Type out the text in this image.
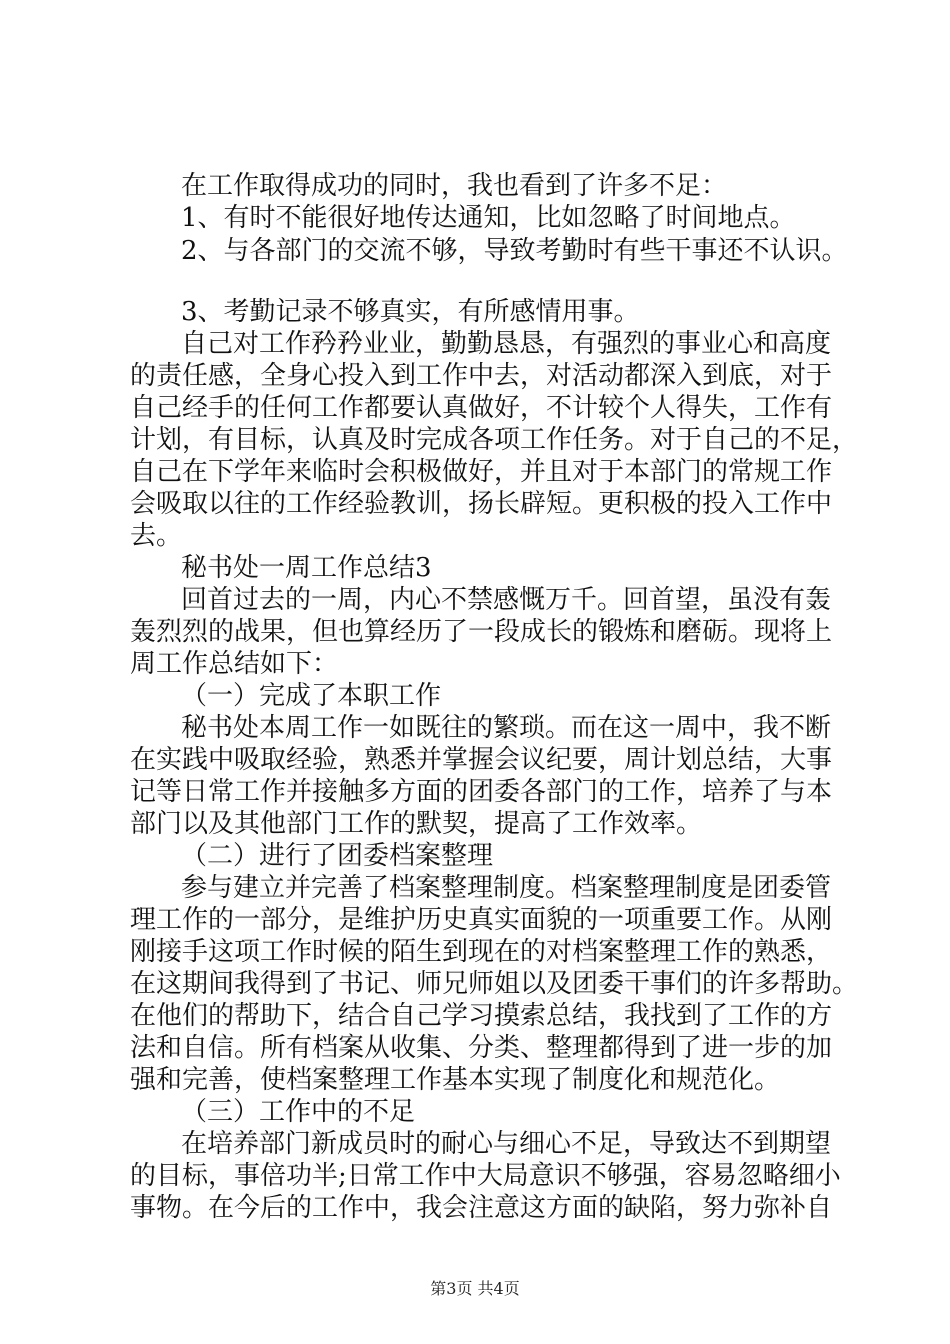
在工作取得成功的同时，我也看到了许多不足：
1、有时不能很好地传达通知，比如忽略了时间地点。
2、与各部门的交流不够，导致考勤时有些干事还不认识。
3、考勤记录不够真实，有所感情用事。
自己对工作矜矜业业，勤勤恳恳，有强烈的事业心和高度
的责任感，全身心投入到工作中去，对活动都深入到底，对于
自己经手的任何工作都要认真做好，不计较个人得失，工作有
计划，有目标，认真及时完成各项工作任务。对于自己的不足，
自己在下学年来临时会积极做好，并且对于本部门的常规工作
会吸取以往的工作经验教训，扬长辟短。更积极的投入工作中
去。
秘书处一周工作总结3
回首过去的一周，内心不禁感慨万千。回首望，虽没有轰
轰烈烈的战果，但也算经历了一段成长的锻炼和磨砺。现将上
周工作总结如下：
（一）完成了本职工作
秘书处本周工作一如既往的繁琐。而在这一周中，我不断
在实践中吸取经验，熟悉并掌握会议纪要，周计划总结，大事
记等日常工作并接触多方面的团委各部门的工作，培养了与本
部门以及其他部门工作的默契，提高了工作效率。
（二）进行了团委档案整理
参与建立并完善了档案整理制度。档案整理制度是团委管
理工作的一部分，是维护历史真实面貌的一项重要工作。从刚
刚接手这项工作时候的陌生到现在的对档案整理工作的熟悉，
在这期间我得到了书记、师兄师姐以及团委干事们的许多帮助。
在他们的帮助下，结合自己学习摸索总结，我找到了工作的方
法和自信。所有档案从收集、分类、整理都得到了进一步的加
强和完善，使档案整理工作基本实现了制度化和规范化。
（三）工作中的不足
在培养部门新成员时的耐心与细心不足，导致达不到期望
的目标，事倍功半;日常工作中大局意识不够强，容易忽略细小
事物。在今后的工作中，我会注意这方面的缺陷，努力弥补自
第3页 共4页
